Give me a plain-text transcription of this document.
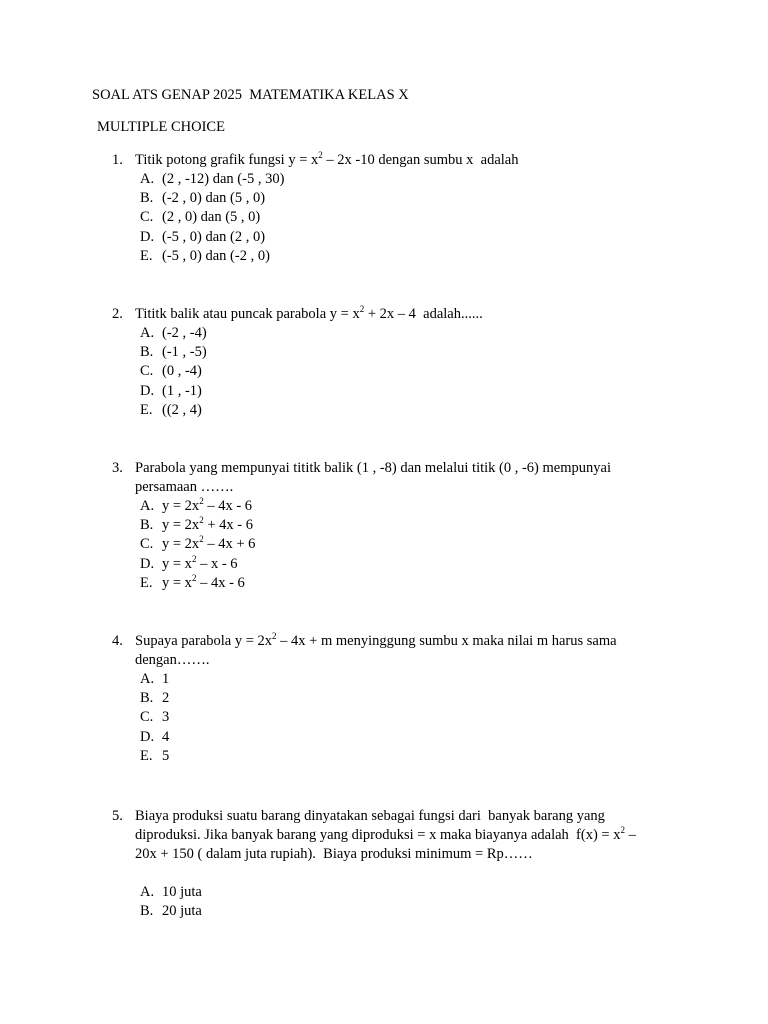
SOAL ATS GENAP 2025  MATEMATIKA KELAS X
MULTIPLE CHOICE
1. Titik potong grafik fungsi $y = x^2 - 2x$ -10 dengan sumbu x  adalah
A. (2 , -12) dan (-5 , 30)
B. (-2 , 0) dan (5 , 0)
C. (2 , 0) dan (5 , 0)
D. (-5 , 0) dan (2 , 0)
E. (-5 , 0) dan (-2 , 0)
2. Tititk balik atau puncak parabola $y = x^2 + 2x - 4$  adalah......
A. (-2 , -4)
B. (-1 , -5)
C. (0 , -4)
D. (1 , -1)
E. ((2 , 4)
3. Parabola yang mempunyai tititk balik (1 , -8) dan melalui titik (0 , -6) mempunyai
persamaan …….
A. $y = 2x^2 - 4x - 6$
B. $y = 2x^2 + 4x - 6$
C. $y = 2x^2 - 4x + 6$
D. $y = x^2 - x - 6$
E. $y = x^2 - 4x - 6$
4. Supaya parabola $y = 2x^2 - 4x + m$ menyinggung sumbu x maka nilai m harus sama
dengan…….
A. 1
B. 2
C. 3
D. 4
E. 5
5. Biaya produksi suatu barang dinyatakan sebagai fungsi dari  banyak barang yang
diproduksi. Jika banyak barang yang diproduksi = x maka biayanya adalah  $f(x) = x^2$ –
20x + 150 ( dalam juta rupiah).  Biaya produksi minimum = Rp……
A. 10 juta
B. 20 juta
